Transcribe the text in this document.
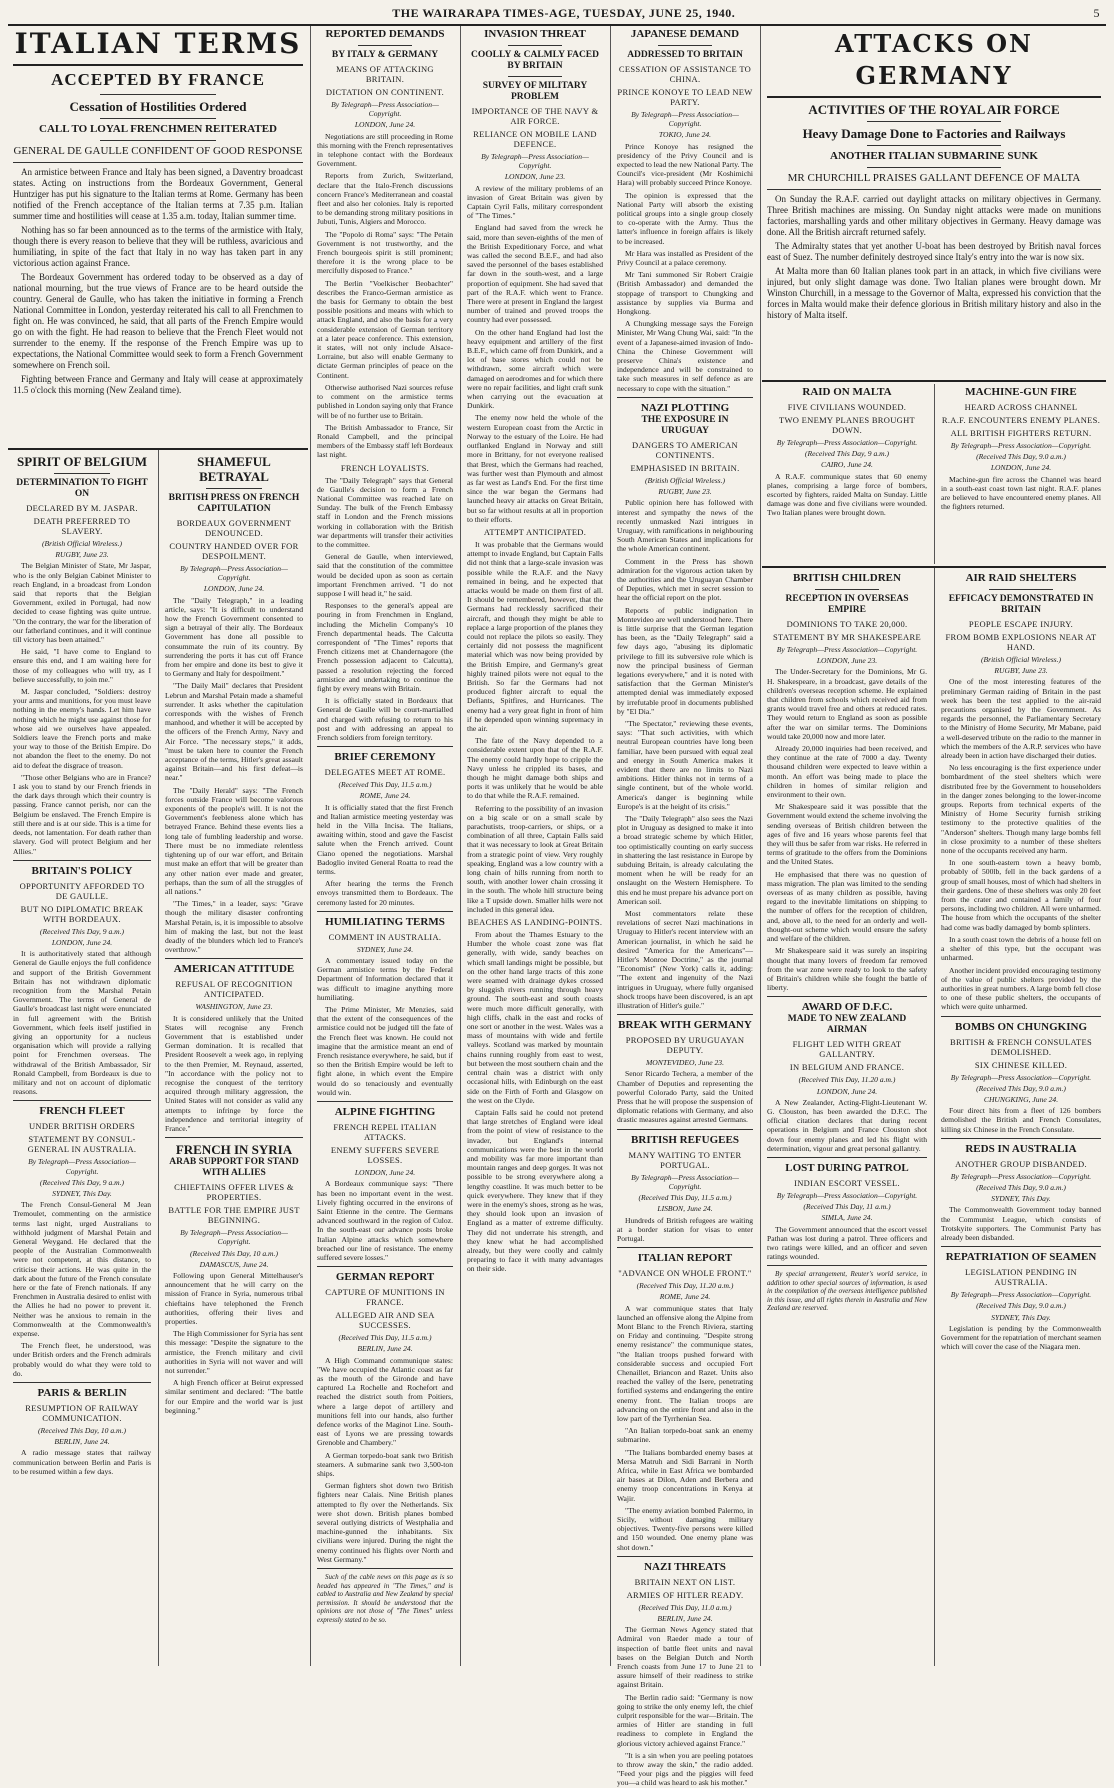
THE WAIRARAPA TIMES-AGE, TUESDAY, JUNE 25, 1940.	5
ITALIAN TERMS
ACCEPTED BY FRANCE
Cessation of Hostilities Ordered
CALL TO LOYAL FRENCHMEN REITERATED
GENERAL DE GAULLE CONFIDENT OF GOOD RESPONSE

An armistice between France and Italy has been signed, a Daventry broadcast states. Acting on instructions from the Bordeaux Government, General Huntziger has put his signature to the Italian terms at Rome. Germany has been notified of the French acceptance of the Italian terms at 7.35 p.m. Italian summer time and hostilities will cease at 1.35 a.m. today, Italian summer time.

Nothing has so far been announced as to the terms of the armistice with Italy, though there is every reason to believe that they will be ruthless, avaricious and humiliating, in spite of the fact that Italy in no way has taken part in any victorious action against France.

The Bordeaux Government has ordered today to be observed as a day of national mourning, but the true views of France are to be heard outside the country. General de Gaulle, who has taken the initiative in forming a French National Committee in London, yesterday reiterated his call to all Frenchmen to fight on. He was convinced, he said, that all parts of the French Empire would go on with the fight. He had reason to believe that the French Fleet would not surrender to the enemy. If the response of the French Empire was up to expectations, the National Committee would seek to form a French Government somewhere on French soil.

Fighting between France and Germany and Italy will cease at approximately 11.5 o'clock this morning (New Zealand time).

SPIRIT OF BELGIUM
DETERMINATION TO FIGHT ON
DECLARED BY M. JASPAR.
DEATH PREFERRED TO SLAVERY.
(British Official Wireless.)
RUGBY, June 23.

The Belgian Minister of State, Mr Jaspar, who is the only Belgian Cabinet Minister to reach England, in a broadcast from London said that reports that the Belgian Government, exiled in Portugal, had now decided to cease fighting was quite untrue. "On the contrary, the war for the liberation of our fatherland continues, and it will continue till victory has been attained."

He said, "I have come to England to ensure this end, and I am waiting here for those of my colleagues who will try, as I believe successfully, to join me."

M. Jaspar concluded, "Soldiers: destroy your arms and munitions, for you must leave nothing in the enemy's hands. Let him have nothing which he might use against those for whose aid we ourselves have appealed. Soldiers leave the French ports and make your way to those of the British Empire. Do not abandon the fleet to the enemy. Do not aid to defeat the disgrace of treason.

"Those other Belgians who are in France? I ask you to stand by our French friends in the dark days through which their country is passing. France cannot perish, nor can the Belgium be enslaved. The French Empire is still there and is at our side. This is a time for deeds, not lamentation. For death rather than slavery. God will protect Belgium and her Allies."

BRITAIN'S POLICY
OPPORTUNITY AFFORDED TO DE GAULLE.
BUT NO DIPLOMATIC BREAK WITH BORDEAUX.
(Received This Day, 9 a.m.)
LONDON, June 24.

It is authoritatively stated that although General de Gaulle enjoys the full confidence and support of the British Government Britain has not withdrawn diplomatic recognition from the Marshal Petain Government. The terms of General de Gaulle's broadcast last night were enunciated in full agreement with the British Government, which feels itself justified in giving an opportunity for a nucleus organisation which will provide a rallying point for Frenchmen overseas. The withdrawal of the British Ambassador, Sir Ronald Campbell, from Bordeaux is due to military and not on account of diplomatic reasons.

FRENCH FLEET
UNDER BRITISH ORDERS
STATEMENT BY CONSUL-GENERAL IN AUSTRALIA.
By Telegraph—Press Association—Copyright.
(Received This Day, 9 a.m.)
SYDNEY, This Day.

The French Consul-General M Jean Tremoulet, commenting on the armistice terms last night, urged Australians to withhold judgment of Marshal Petain and General Weygand. He declared that the people of the Australian Commonwealth were not competent, at this distance, to criticise their actions. He was quite in the dark about the future of the French consulate here or the fate of French nationals. If any Frenchmen in Australia desired to enlist with the Allies he had no power to prevent it. Neither was he anxious to remain in the Commonwealth at the Commonwealth's expense.

The French fleet, he understood, was under British orders and the French admirals probably would do what they were told to do.

PARIS & BERLIN
RESUMPTION OF RAILWAY COMMUNICATION.
(Received This Day, 10 a.m.)
BERLIN, June 24.

A radio message states that railway communication between Berlin and Paris is to be resumed within a few days.

SHAMEFUL BETRAYAL
BRITISH PRESS ON FRENCH CAPITULATION
BORDEAUX GOVERNMENT DENOUNCED.
COUNTRY HANDED OVER FOR DESPOILMENT.
By Telegraph—Press Association—Copyright.
LONDON, June 24.

The "Daily Telegraph," in a leading article, says: "It is difficult to understand how the French Government consented to sign a betrayal of their ally. The Bordeaux Government has done all possible to consummate the ruin of its country. By surrendering the ports it has cut off France from her empire and done its best to give it to Germany and Italy for despoilment."

"The Daily Mail" declares that President Lebrun and Marshal Petain made a shameful surrender. It asks whether the capitulation corresponds with the wishes of French manhood, and whether it will be accepted by the officers of the French Army, Navy and Air Force. "The necessary steps," it adds, "must be taken here to counter the French acceptance of the terms, Hitler's great assault against Britain—and his first defeat—is near."

The "Daily Herald" says: "The French forces outside France will become valorous exponents of the people's will. It is not the Government's feebleness alone which has betrayed France. Behind these events lies a long tale of fumbling leadership and worse. There must be no immediate relentless tightening up of our war effort, and Britain must make an effort that will be greater than any other nation ever made and greater, perhaps, than the sum of all the struggles of all nations."

"The Times," in a leader, says: "Grave though the military disaster confronting Marshal Petain, is, it is impossible to absolve him of making the last, but not the least deadly of the blunders which led to France's overthrow."

AMERICAN ATTITUDE
REFUSAL OF RECOGNITION ANTICIPATED.
WASHINGTON, June 23.

It is considered unlikely that the United States will recognise any French Government that is established under German domination. It is recalled that President Roosevelt a week ago, in replying to the then Premier, M. Reynaud, asserted, "In accordance with the policy not to recognise the conquest of the territory acquired through military aggression, the United States will not consider as valid any attempts to infringe by force the independence and territorial integrity of France."

FRENCH IN SYRIA
ARAB SUPPORT FOR STAND WITH ALLIES
CHIEFTAINS OFFER LIVES & PROPERTIES.
BATTLE FOR THE EMPIRE JUST BEGINNING.
By Telegraph—Press Association—Copyright.
(Received This Day, 10 a.m.)
DAMASCUS, June 24.

Following upon General Mittelhauser's announcement that he will carry on the mission of France in Syria, numerous tribal chieftains have telephoned the French authorities, offering their lives and properties.

The High Commissioner for Syria has sent this message: "Despite the signature to the armistice, the French military and civil authorities in Syria will not waver and will not surrender."

A high French officer at Beirut expressed similar sentiment and declared: "The battle for our Empire and the world war is just beginning."

REPORTED DEMANDS
BY ITALY & GERMANY
MEANS OF ATTACKING BRITAIN.
DICTATION ON CONTINENT.
By Telegraph—Press Association—Copyright.
LONDON, June 24.

Negotiations are still proceeding in Rome this morning with the French representatives in telephone contact with the Bordeaux Government.

Reports from Zurich, Switzerland, declare that the Italo-French discussions concern France's Mediterranean and coastal fleet and also her colonies. Italy is reported to be demanding strong military positions in Jubuti, Tunis, Algiers and Morocco.

The "Popolo di Roma" says: "The Petain Government is not trustworthy, and the French bourgeois spirit is still prominent; therefore it is the wrong place to be mercifully disposed to France."

The Berlin "Voelkischer Beobachter" describes the Franco-German armistice as the basis for Germany to obtain the best possible positions and means with which to attack England, and also the basis for a very considerable extension of German territory at a later peace conference. This extension, it states, will not only include Alsace-Lorraine, but also will enable Germany to dictate German principles of peace on the Continent.

Otherwise authorised Nazi sources refuse to comment on the armistice terms published in London saying only that France will be of no further use to Britain.

The British Ambassador to France, Sir Ronald Campbell, and the principal members of the Embassy staff left Bordeaux last night.

FRENCH LOYALISTS.

The "Daily Telegraph" says that General de Gaulle's decision to form a French National Committee was reached late on Sunday. The bulk of the French Embassy staff in London and the French missions working in collaboration with the British war departments will transfer their activities to the committee.

General de Gaulle, when interviewed, said that the constitution of the committee would be decided upon as soon as certain important Frenchmen arrived. "I do not suppose I will head it," he said.

Responses to the general's appeal are pouring in from Frenchmen in England, including the Michelin Company's 10 French departmental heads. The Calcutta correspondent of "The Times" reports that French citizens met at Chandernagore (the French possession adjacent to Calcutta), passed a resolution rejecting the forced armistice and undertaking to continue the fight by every means with Britain.

It is officially stated in Bordeaux that General de Gaulle will be court-martialled and charged with refusing to return to his post and with addressing an appeal to French soldiers from foreign territory.

BRIEF CEREMONY
DELEGATES MEET AT ROME.
(Received This Day, 11.5 a.m.)
ROME, June 24.

It is officially stated that the first French and Italian armistice meeting yesterday was held in the Villa Incisa. The Italians, awaiting within, stood and gave the Fascist salute when the French arrived. Count Ciano opened the negotiations. Marshal Badoglio invited General Roatta to read the terms.

After hearing the terms the French envoys transmitted them to Bordeaux. The ceremony lasted for 20 minutes.

HUMILIATING TERMS
COMMENT IN AUSTRALIA.
SYDNEY, June 24.

A commentary issued today on the German armistice terms by the Federal Department of Information declared that it was difficult to imagine anything more humiliating.

The Prime Minister, Mr Menzies, said that the extent of the consequences of the armistice could not be judged till the fate of the French fleet was known. He could not imagine that the armistice meant an end of French resistance everywhere, he said, but if so then the British Empire would be left to fight alone, in which event the Empire would do so tenaciously and eventually would win.

ALPINE FIGHTING
FRENCH REPEL ITALIAN ATTACKS.
ENEMY SUFFERS SEVERE LOSSES.
LONDON, June 24.

A Bordeaux communique says: "There has been no important event in the west. Lively fighting occurred in the environs of Saint Etienne in the centre. The Germans advanced southward in the region of Culoz. In the south-east our advance posts broke Italian Alpine attacks which somewhere breached our line of resistance. The enemy suffered severe losses."

GERMAN REPORT
CAPTURE OF MUNITIONS IN FRANCE.
ALLEGED AIR AND SEA SUCCESSES.
(Received This Day, 11.5 a.m.)
BERLIN, June 24.

A High Command communique states: "We have occupied the Atlantic coast as far as the mouth of the Gironde and have captured La Rochelle and Rochefort and reached the district south from Poitiers, where a large depot of artillery and munitions fell into our hands, also further defence works of the Maginot Line. South-east of Lyons we are pressing towards Grenoble and Chambery."

A German torpedo-boat sank two British steamers. A submarine sank two 3,500-ton ships.

German fighters shot down two British fighters near Calais. Nine British planes attempted to fly over the Netherlands. Six were shot down. British planes bombed several outlying districts of Westphalia and machine-gunned the inhabitants. Six civilians were injured. During the night the enemy continued his flights over North and West Germany."

Such of the cable news on this page as is so headed has appeared in "The Times," and is cabled to Australia and New Zealand by special permission. It should be understood that the opinions are not those of "The Times" unless expressly stated to be so.

INVASION THREAT
COOLLY & CALMLY FACED BY BRITAIN
SURVEY OF MILITARY PROBLEM
IMPORTANCE OF THE NAVY & AIR FORCE.
RELIANCE ON MOBILE LAND DEFENCE.
By Telegraph—Press Association—Copyright.
LONDON, June 23.

A review of the military problems of an invasion of Great Britain was given by Captain Cyril Falls, military correspondent of "The Times."

England had saved from the wreck he said, more than seven-eighths of the men of the British Expeditionary Force, and what was called the second B.E.F., and had also saved the personnel of the bases established far down in the south-west, and a large proportion of equipment. She had saved that part of the R.A.F. which went to France. There were at present in England the largest number of trained and proved troops the country had ever possessed.

On the other hand England had lost the heavy equipment and artillery of the first B.E.F., which came off from Dunkirk, and a lot of base stores which could not be withdrawn, some aircraft which were damaged on aerodromes and for which there were no repair facilities, and light craft sunk when carrying out the evacuation at Dunkirk.

The enemy now held the whole of the western European coast from the Arctic in Norway to the estuary of the Loire. He had outflanked England in Norway and still more in Brittany, for not everyone realised that Brest, which the Germans had reached, was further west than Plymouth and almost as far west as Land's End. For the first time since the war began the Germans had launched heavy air attacks on Great Britain, but so far without results at all in proportion to their efforts.

ATTEMPT ANTICIPATED.

It was probable that the Germans would attempt to invade England, but Captain Falls did not think that a large-scale invasion was possible while the R.A.F. and the Navy remained in being, and he expected that attacks would be made on them first of all. It should be remembered, however, that the Germans had recklessly sacrificed their aircraft, and though they might be able to replace a large proportion of the planes they could not replace the pilots so easily. They certainly did not possess the magnificent material which was now being provided by the British Empire, and Germany's great highly trained pilots were not equal to the British. So far the Germans had not produced fighter aircraft to equal the Defiants, Spitfires, and Hurricanes. The enemy had a very great fight in front of him if he depended upon winning supremacy in the air.

The fate of the Navy depended to a considerable extent upon that of the R.A.F. The enemy could hardly hope to cripple the Navy unless he crippled its bases, and though he might damage both ships and ports it was unlikely that he would be able to do that while the R.A.F. remained.

Referring to the possibility of an invasion on a big scale or on a small scale by parachutists, troop-carriers, or ships, or a combination of all three, Captain Falls said that it was necessary to look at Great Britain from a strategic point of view. Very roughly speaking, England was a low country with a long chain of hills running from north to south, with another lower chain crossing it in the south. The whole hill structure being like a T upside down. Smaller hills were not included in this general idea.

BEACHES AS LANDING-POINTS.

From about the Thames Estuary to the Humber the whole coast zone was flat generally, with wide, sandy beaches on which small landings might be possible, but on the other hand large tracts of this zone were seamed with drainage dykes crossed by sluggish rivers running through heavy ground. The south-east and south coasts were much more difficult generally, with high cliffs, chalk in the east and rocks of one sort or another in the west. Wales was a mass of mountains with wide and fertile valleys. Scotland was marked by mountain chains running roughly from east to west, but between the most southern chain and the central chain was a district with only occasional hills, with Edinburgh on the east side on the Firth of Forth and Glasgow on the west on the Clyde.

Captain Falls said he could not pretend that large stretches of England were ideal from the point of view of resistance to the invader, but England's internal communications were the best in the world and mobility was far more important than mountain ranges and deep gorges. It was not possible to be strong everywhere along a lengthy coastline. It was much better to be quick everywhere. They knew that if they were in the enemy's shoes, strong as he was, they should look upon an invasion of England as a matter of extreme difficulty. They did not underrate his strength, and they knew what he had accomplished already, but they were coolly and calmly preparing to face it with many advantages on their side.

JAPANESE DEMAND
ADDRESSED TO BRITAIN
CESSATION OF ASSISTANCE TO CHINA.
PRINCE KONOYE TO LEAD NEW PARTY.
By Telegraph—Press Association—Copyright.
TOKIO, June 24.

Prince Konoye has resigned the presidency of the Privy Council and is expected to lead the new National Party. The Council's vice-president (Mr Koshimichi Hara) will probably succeed Prince Konoye.

The opinion is expressed that the National Party will absorb the existing political groups into a single group closely to co-operate with the Army. Thus the latter's influence in foreign affairs is likely to be increased.

Mr Hara was installed as President of the Privy Council at a palace ceremony.

Mr Tani summoned Sir Robert Craigie (British Ambassador) and demanded the stoppage of transport to Chungking and assistance by supplies via Burma and Hongkong.

A Chungking message says the Foreign Minister, Mr Wang Chung Wai, said: "In the event of a Japanese-aimed invasion of Indo-China the Chinese Government will preserve China's existence and independence and will be constrained to take such measures in self defence as are necessary to cope with the situation."

NAZI PLOTTING
THE EXPOSURE IN URUGUAY
DANGERS TO AMERICAN CONTINENTS.
EMPHASISED IN BRITAIN.
(British Official Wireless.)
RUGBY, June 23.

Public opinion here has followed with interest and sympathy the news of the recently unmasked Nazi intrigues in Uruguay, with ramifications in neighbouring South American States and implications for the whole American continent.

Comment in the Press has shown admiration for the vigorous action taken by the authorities and the Uruguayan Chamber of Deputies, which met in secret session to hear the official report on the plot.

Reports of public indignation in Montevideo are well understood here. There is little surprise that the German legation has been, as the "Daily Telegraph" said a few days ago, "abusing its diplomatic privilege to fill its subversive role which is now the principal business of German legations everywhere," and it is noted with satisfaction that the German Minister's attempted denial was immediately exposed by irrefutable proof in documents published by "El Dia."

"The Spectator," reviewing these events, says: "That such activities, with which neutral European countries have long been familiar, have been pursued with equal zeal and energy in South America makes it evident that there are no limits to Nazi ambitions. Hitler thinks not in terms of a single continent, but of the whole world. America's danger is beginning while Europe's is at the height of its crisis."

The "Daily Telegraph" also sees the Nazi plot in Uruguay as designed to make it into a broad strategic scheme by which Hitler, too optimistically counting on early success in shattering the last resistance in Europe by subduing Britain, is already calculating the moment when he will be ready for an onslaught on the Western Hemisphere. To this end he must prepare his advance port on American soil.

Most commentators relate these revelations of secret Nazi machinations in Uruguay to Hitler's recent interview with an American journalist, in which he said he desired "America for the Americans"—Hitler's Monroe Doctrine," as the journal "Economist" (New York) calls it, adding: "The extent and ingenuity of the Nazi intrigues in Uruguay, where fully organised shock troops have been discovered, is an apt illustration of Hitler's guile."

BREAK WITH GERMANY
PROPOSED BY URUGUAYAN DEPUTY.
MONTEVIDEO, June 23.

Senor Ricardo Techera, a member of the Chamber of Deputies and representing the powerful Colorado Party, said the United Press that he will propose the suspension of diplomatic relations with Germany, and also drastic measures against arrested Germans.

BRITISH REFUGEES
MANY WAITING TO ENTER PORTUGAL.
By Telegraph—Press Association—Copyright.
(Received This Day, 11.5 a.m.)
LISBON, June 24.

Hundreds of British refugees are waiting at a border station for visas to enter Portugal.

ITALIAN REPORT
"ADVANCE ON WHOLE FRONT."
(Received This Day, 11.20 a.m.)
ROME, June 24.

A war communique states that Italy launched an offensive along the Alpine from Mont Blanc to the French Riviera, starting on Friday and continuing. "Despite strong enemy resistance" the communique states, "the Italian troops pushed forward with considerable success and occupied Fort Chenaillet, Briancon and Razet. Units also reached the valley of the Isere, penetrating fortified systems and endangering the entire enemy front. The Italian troops are advancing on the entire front and also in the low part of the Tyrrhenian Sea.

"An Italian torpedo-boat sank an enemy submarine.

"The Italians bombarded enemy bases at Mersa Matruh and Sidi Barrani in North Africa, while in East Africa we bombarded air bases at Dilon, Aden and Berbera and enemy troop concentrations in Kenya at Wajir.

"The enemy aviation bombed Palermo, in Sicily, without damaging military objectives. Twenty-five persons were killed and 150 wounded. One enemy plane was shot down."

NAZI THREATS
BRITAIN NEXT ON LIST.
ARMIES OF HITLER READY.
(Received This Day, 11.0 a.m.)
BERLIN, June 24.

The German News Agency stated that Admiral von Raeder made a tour of inspection of battle fleet units and naval bases on the Belgian Dutch and North French coasts from June 17 to June 21 to assure himself of their readiness to strike against Britain.

The Berlin radio said: "Germany is now going to strike the only enemy left, the chief culprit responsible for the war—Britain. The armies of Hitler are standing in full readiness to complete in England the glorious victory achieved against France."

"It is a sin when you are peeling potatoes to throw away the skin," the radio added. "Feed your pigs and the piggies will feed you—a child was heard to ask his mother."

ATTACKS ON GERMANY
ACTIVITIES OF THE ROYAL AIR FORCE
Heavy Damage Done to Factories and Railways
ANOTHER ITALIAN SUBMARINE SUNK
MR CHURCHILL PRAISES GALLANT DEFENCE OF MALTA

On Sunday the R.A.F. carried out daylight attacks on military objectives in Germany. Three British machines are missing. On Sunday night attacks were made on munitions factories, marshalling yards and other military objectives in Germany. Heavy damage was done. All the British aircraft returned safely.

The Admiralty states that yet another U-boat has been destroyed by British naval forces east of Suez. The number definitely destroyed since Italy's entry into the war is now six.

At Malta more than 60 Italian planes took part in an attack, in which five civilians were injured, but only slight damage was done. Two Italian planes were brought down. Mr Winston Churchill, in a message to the Governor of Malta, expressed his conviction that the forces in Malta would make their defence glorious in British military history and also in the history of Malta itself.

RAID ON MALTA
FIVE CIVILIANS WOUNDED.
TWO ENEMY PLANES BROUGHT DOWN.
By Telegraph—Press Association—Copyright.
(Received This Day, 9 a.m.)
CAIRO, June 24.

A R.A.F. communique states that 60 enemy planes, comprising a large force of bombers, escorted by fighters, raided Malta on Sunday. Little damage was done and five civilians were wounded. Two Italian planes were brought down.

MACHINE-GUN FIRE
HEARD ACROSS CHANNEL
R.A.F. ENCOUNTERS ENEMY PLANES.
ALL BRITISH FIGHTERS RETURN.
By Telegraph—Press Association—Copyright.
(Received This Day, 9.0 a.m.)
LONDON, June 24.

Machine-gun fire across the Channel was heard in a south-east coast town last night. R.A.F. planes are believed to have encountered enemy planes. All the fighters returned.

BRITISH CHILDREN
RECEPTION IN OVERSEAS EMPIRE
DOMINIONS TO TAKE 20,000.
STATEMENT BY MR SHAKESPEARE
By Telegraph—Press Association—Copyright.
LONDON, June 23.

The Under-Secretary for the Dominions, Mr G. H. Shakespeare, in a broadcast, gave details of the children's overseas reception scheme. He explained that children from schools which received aid from grants would travel free and others at reduced rates. They would return to England as soon as possible after the war on similar terms. The Dominions would take 20,000 now and more later.

Already 20,000 inquiries had been received, and they continue at the rate of 7000 a day. Twenty thousand children were expected to leave within a month. An effort was being made to place the children in homes of similar religion and environment to their own.

Mr Shakespeare said it was possible that the Government would extend the scheme involving the sending overseas of British children between the ages of five and 16 years whose parents feel that they will thus be safer from war risks. He referred in terms of gratitude to the offers from the Dominions and the United States.

He emphasised that there was no question of mass migration. The plan was limited to the sending overseas of as many children as possible, having regard to the inevitable limitations on shipping to the number of offers for the reception of children, and, above all, to the need for an orderly and well-thought-out scheme which would ensure the safety and welfare of the children.

Mr Shakespeare said it was surely an inspiring thought that many lovers of freedom far removed from the war zone were ready to look to the safety of Britain's children while she fought the battle of liberty.

AWARD OF D.F.C.
MADE TO NEW ZEALAND AIRMAN
FLIGHT LED WITH GREAT GALLANTRY.
IN BELGIUM AND FRANCE.
(Received This Day, 11.20 a.m.)
LONDON, June 24.

A New Zealander, Acting-Flight-Lieutenant W. G. Clouston, has been awarded the D.F.C. The official citation declares that during recent operations in Belgium and France Clouston shot down four enemy planes and led his flight with determination, vigour and great personal gallantry.

LOST DURING PATROL
INDIAN ESCORT VESSEL.
By Telegraph—Press Association—Copyright.
(Received This Day, 11 a.m.)
SIMLA, June 24.

The Government announced that the escort vessel Pathan was lost during a patrol. Three officers and two ratings were killed, and an officer and seven ratings wounded.

By special arrangement, Reuter's world service, in addition to other special sources of information, is used in the compilation of the overseas intelligence published in this issue, and all rights therein in Australia and New Zealand are reserved.

AIR RAID SHELTERS
EFFICACY DEMONSTRATED IN BRITAIN
PEOPLE ESCAPE INJURY.
FROM BOMB EXPLOSIONS NEAR AT HAND.
(British Official Wireless.)
RUGBY, June 23.

One of the most interesting features of the preliminary German raiding of Britain in the past week has been the test applied to the air-raid precautions organised by the Government. As regards the personnel, the Parliamentary Secretary to the Ministry of Home Security, Mr Mabane, paid a well-deserved tribute on the radio to the manner in which the members of the A.R.P. services who have already been in action have discharged their duties.

No less encouraging is the first experience under bombardment of the steel shelters which were distributed free by the Government to householders in the danger zones belonging to the lower-income groups. Reports from technical experts of the Ministry of Home Security furnish striking testimony to the protective qualities of the "Anderson" shelters. Though many large bombs fell in close proximity to a number of these shelters none of the occupants received any harm.

In one south-eastern town a heavy bomb, probably of 500lb, fell in the back gardens of a group of small houses, most of which had shelters in their gardens. One of these shelters was only 20 feet from the crater and contained a family of four persons, including two children. All were unharmed. The house from which the occupants of the shelter had come was badly damaged by bomb splinters.

In a south coast town the debris of a house fell on a shelter of this type, but the occupant was unharmed.

Another incident provided encouraging testimony of the value of public shelters provided by the authorities in great numbers. A large bomb fell close to one of these public shelters, the occupants of which were quite unharmed.

BOMBS ON CHUNGKING
BRITISH & FRENCH CONSULATES DEMOLISHED.
SIX CHINESE KILLED.
By Telegraph—Press Association—Copyright.
(Received This Day, 9.0 a.m.)
CHUNGKING, June 24.

Four direct hits from a fleet of 126 bombers demolished the British and French Consulates, killing six Chinese in the French Consulate.

REDS IN AUSTRALIA
ANOTHER GROUP DISBANDED.
By Telegraph—Press Association—Copyright.
(Received This Day, 9.0 a.m.)
SYDNEY, This Day.

The Commonwealth Government today banned the Communist League, which consists of Trotskyite supporters. The Communist Party has already been disbanded.

REPATRIATION OF SEAMEN
LEGISLATION PENDING IN AUSTRALIA.
By Telegraph—Press Association—Copyright.
(Received This Day, 9.0 a.m.)
SYDNEY, This Day.

Legislation is pending by the Commonwealth Government for the repatriation of merchant seamen which will cover the case of the Niagara men.
